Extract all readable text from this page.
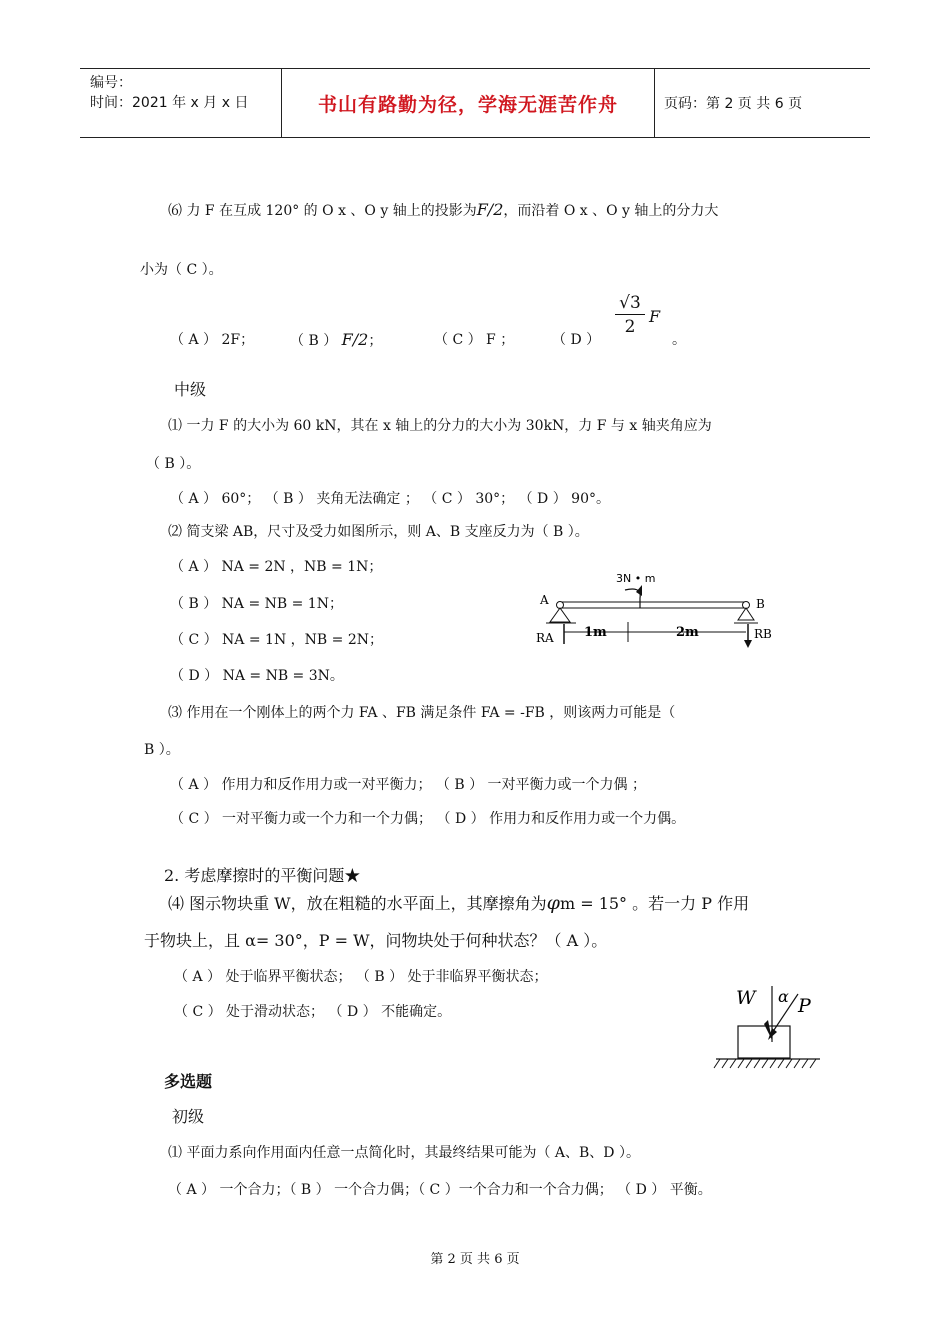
编号：
时间：2021 年 x 月 x 日	书山有路勤为径，学海无涯苦作舟	页码：第 2 页 共 6 页
⑹ 力 F 在互成 120° 的 O x 、O y 轴上的投影为F/2，而沿着 O x 、O y 轴上的分力大
小为（ C ）。
（ A ） 2F；	（ B ） F/2；	（ C ） F ；	（ D ）
$\frac{√3}{2}$ F
。
中级
⑴ 一力 F 的大小为 60 kN，其在 x 轴上的分力的大小为 30kN，力 F 与 x 轴夹角应为
（ B ）。
（ A ） 60°； （ B ） 夹角无法确定 ； （ C ） 30°； （ D ） 90°。
⑵ 简支梁 AB，尺寸及受力如图所示，则 A、B 支座反力为（ B ）。
（ A ） NA = 2N ，NB = 1N；
（ B ） NA = NB = 1N；
（ C ） NA = 1N ，NB = 2N；
（ D ） NA = NB = 3N。
3N • m
A	B
RA	RB
1m	2m
⑶ 作用在一个刚体上的两个力 FA 、FB 满足条件 FA = -FB ，则该两力可能是（
B ）。
（ A ） 作用力和反作用力或一对平衡力； （ B ） 一对平衡力或一个力偶 ；
（ C ） 一对平衡力或一个力和一个力偶； （ D ） 作用力和反作用力或一个力偶。
2. 考虑摩擦时的平衡问题★
⑷ 图示物块重 W，放在粗糙的水平面上，其摩擦角为φm = 15° 。若一力 P 作用
于物块上，且 α= 30°，P = W，问物块处于何种状态？（ A ）。
（ A ） 处于临界平衡状态； （ B ） 处于非临界平衡状态；
（ C ） 处于滑动状态； （ D ） 不能确定。
W α P
多选题
初级
⑴ 平面力系向作用面内任意一点简化时，其最终结果可能为（ A、B、D ）。
（ A ） 一个合力；（ B ） 一个合力偶；（ C ）一个合力和一个合力偶； （ D ） 平衡。
第 2 页 共 6 页
